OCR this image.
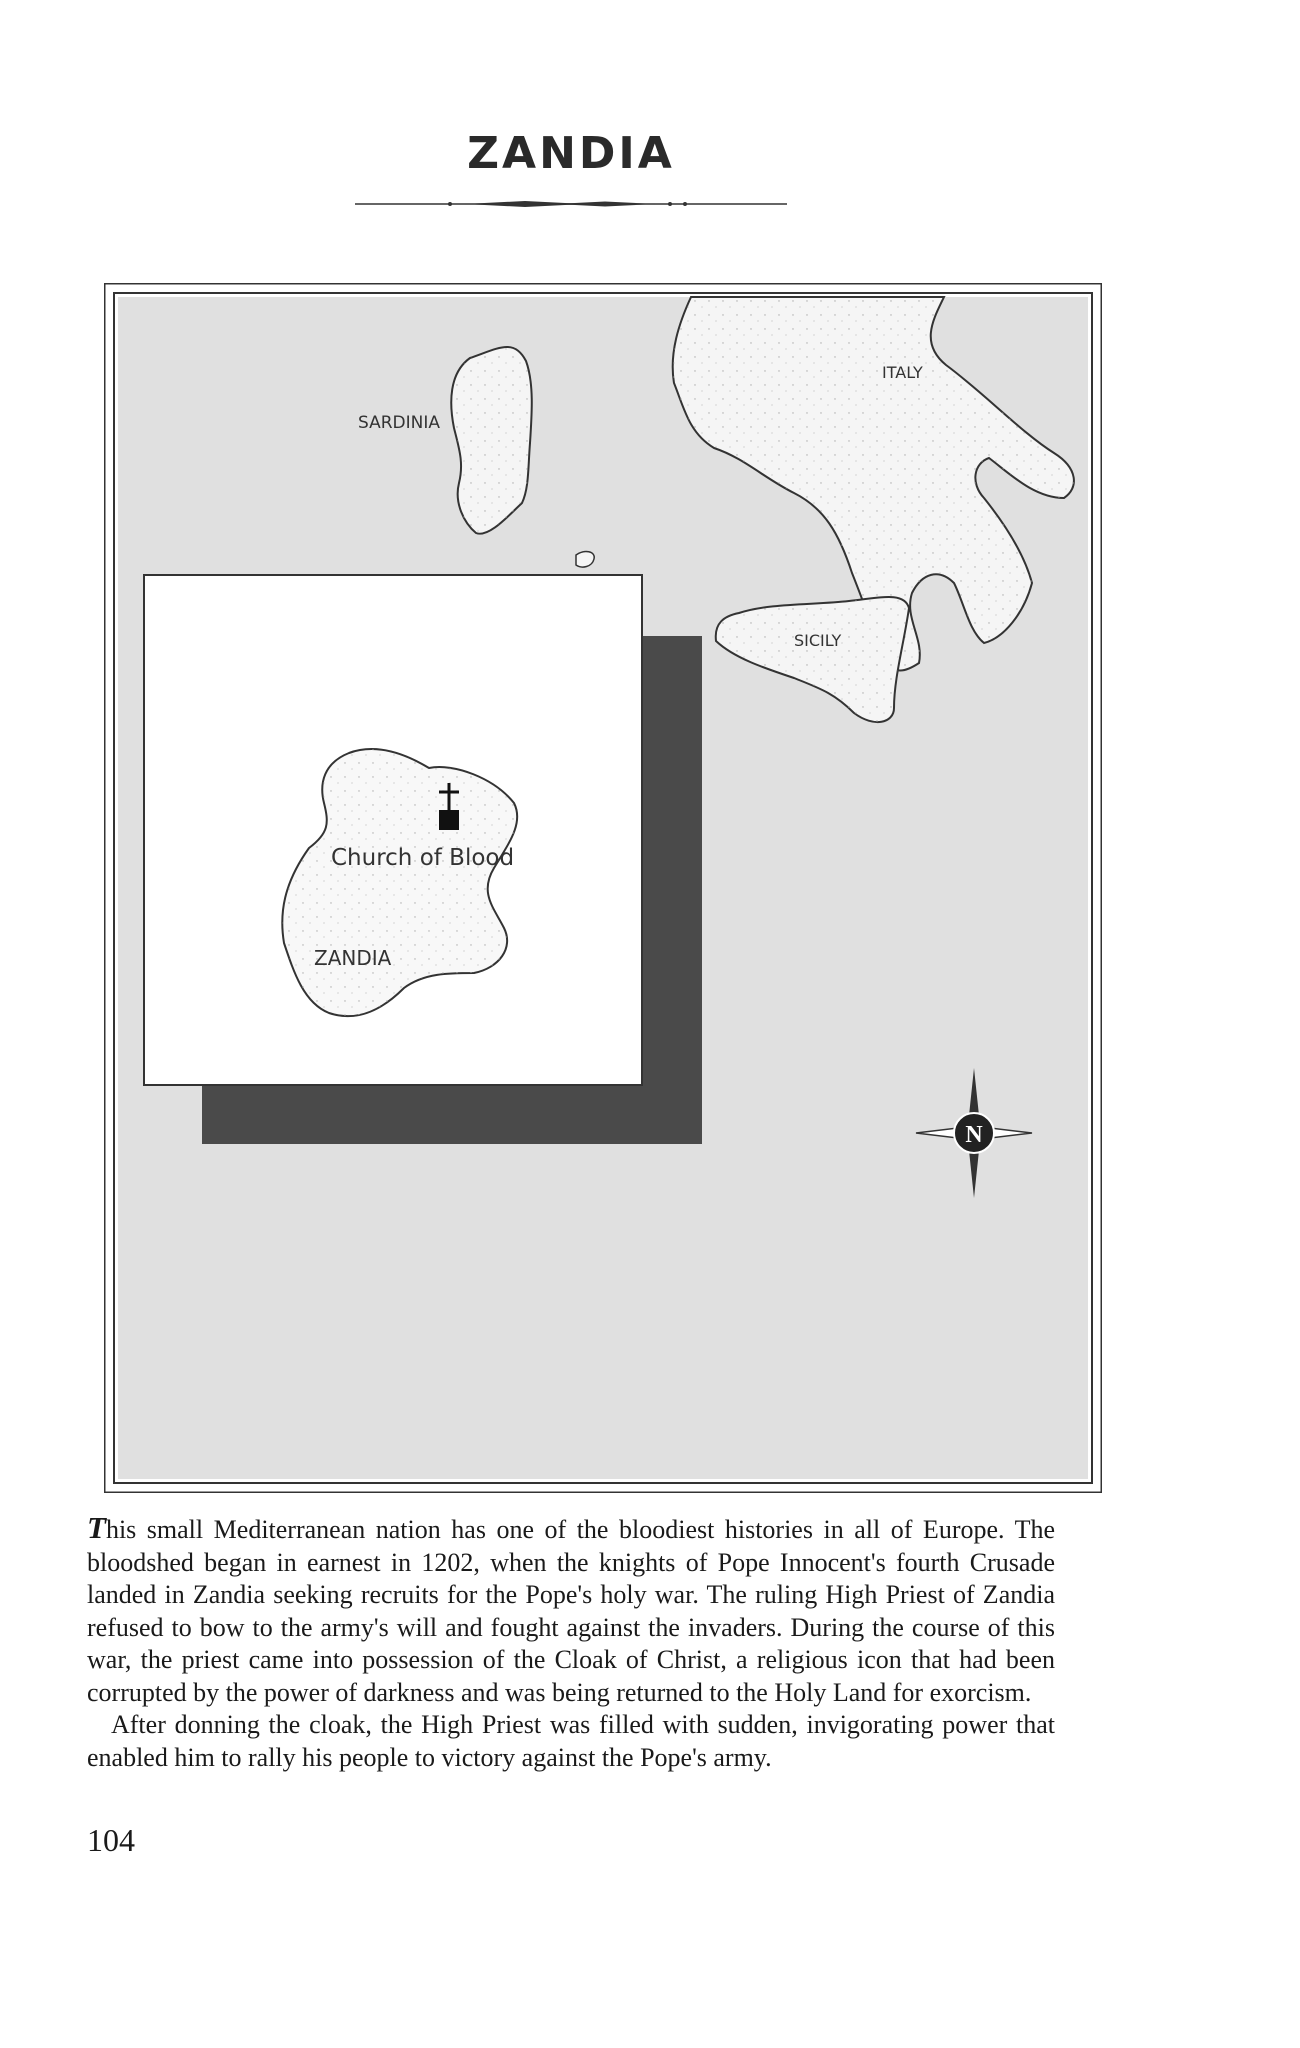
ZANDIA
SARDINIA
ITALY
SICILY
Church of Blood
ZANDIA
N

This small Mediterranean nation has one of the bloodiest histories in all of Europe. The bloodshed began in earnest in 1202, when the knights of Pope Innocent's fourth Crusade landed in Zandia seeking recruits for the Pope's holy war. The ruling High Priest of Zandia refused to bow to the army's will and fought against the invaders. During the course of this war, the priest came into possession of the Cloak of Christ, a religious icon that had been corrupted by the power of darkness and was being returned to the Holy Land for exorcism.

After donning the cloak, the High Priest was filled with sudden, invigorating power that enabled him to rally his people to victory against the Pope's army.

104
